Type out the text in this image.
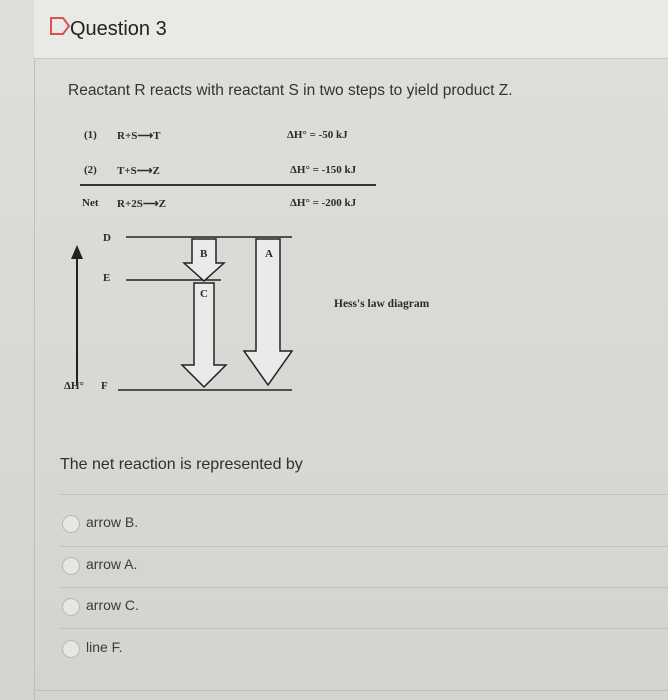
Question 3
Reactant R reacts with reactant S in two steps to yield product Z.
(1) R+S⟶T	ΔH° = -50 kJ
(2) T+S⟶Z	ΔH° = -150 kJ
Net R+2S⟶Z	ΔH° = -200 kJ
D
E
ΔH° F
B
C
A
Hess's law diagram
The net reaction is represented by
arrow B.
arrow A.
arrow C.
line F.
